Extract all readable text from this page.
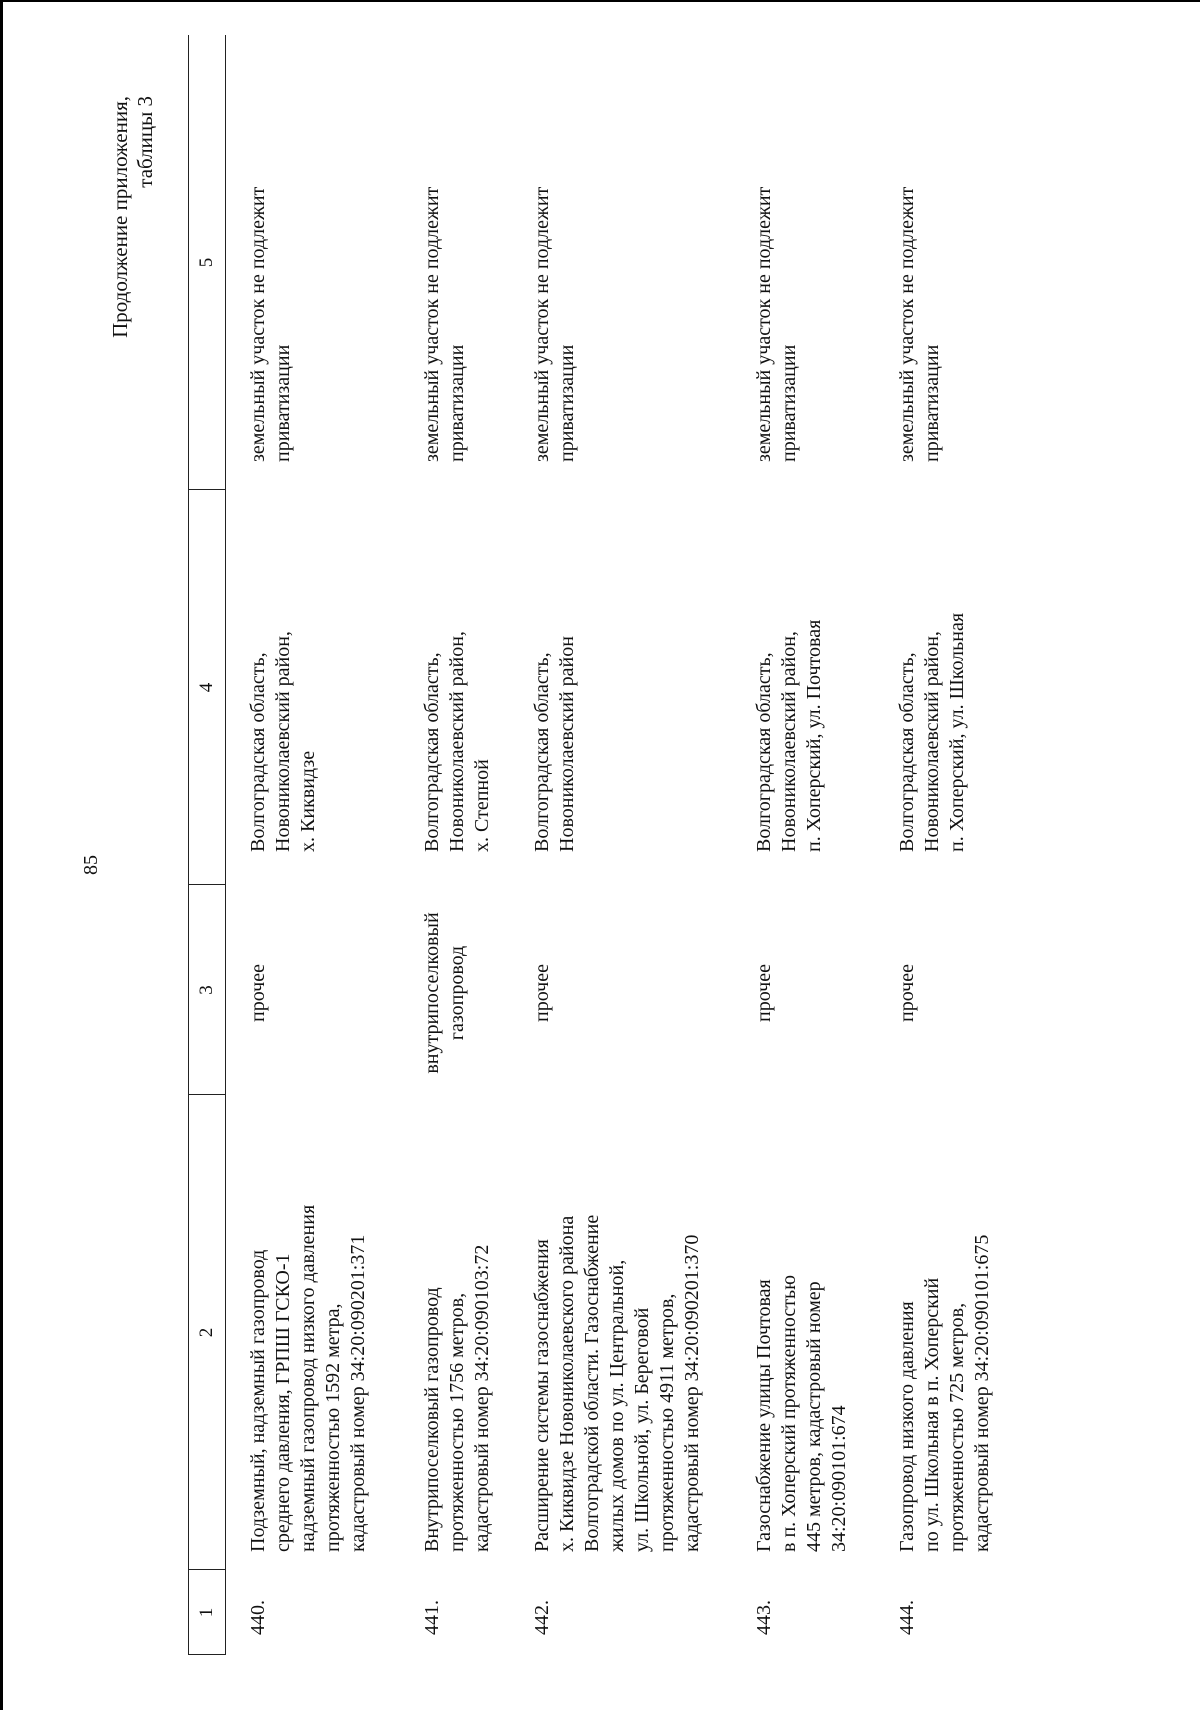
85
Продолжение приложения,
таблицы 3
1
2
3
4
5
440.
Подземный, надземный газопровод
среднего давления, ГРПШ ГСКО-1
надземный газопровод низкого давления
протяженностью 1592 метра,
кадастровый номер 34:20:090201:371
прочее
Волгоградская область,
Новониколаевский район,
х. Киквидзе
земельный участок не подлежит
приватизации
441.
Внутрипоселковый газопровод
протяженностью 1756 метров,
кадастровый номер 34:20:090103:72
внутрипоселковый
газопровод
Волгоградская область,
Новониколаевский район,
х. Степной
земельный участок не подлежит
приватизации
442.
Расширение системы газоснабжения
х. Киквидзе Новониколаевского района
Волгоградской области. Газоснабжение
жилых домов по ул. Центральной,
ул. Школьной, ул. Береговой
протяженностью 4911 метров,
кадастровый номер 34:20:090201:370
прочее
Волгоградская область,
Новониколаевский район
земельный участок не подлежит
приватизации
443.
Газоснабжение улицы Почтовая
в п. Хоперский протяженностью
445 метров, кадастровый номер
34:20:090101:674
прочее
Волгоградская область,
Новониколаевский район,
п. Хоперский, ул. Почтовая
земельный участок не подлежит
приватизации
444.
Газопровод низкого давления
по ул. Школьная в п. Хоперский
протяженностью 725 метров,
кадастровый номер 34:20:090101:675
прочее
Волгоградская область,
Новониколаевский район,
п. Хоперский, ул. Школьная
земельный участок не подлежит
приватизации
